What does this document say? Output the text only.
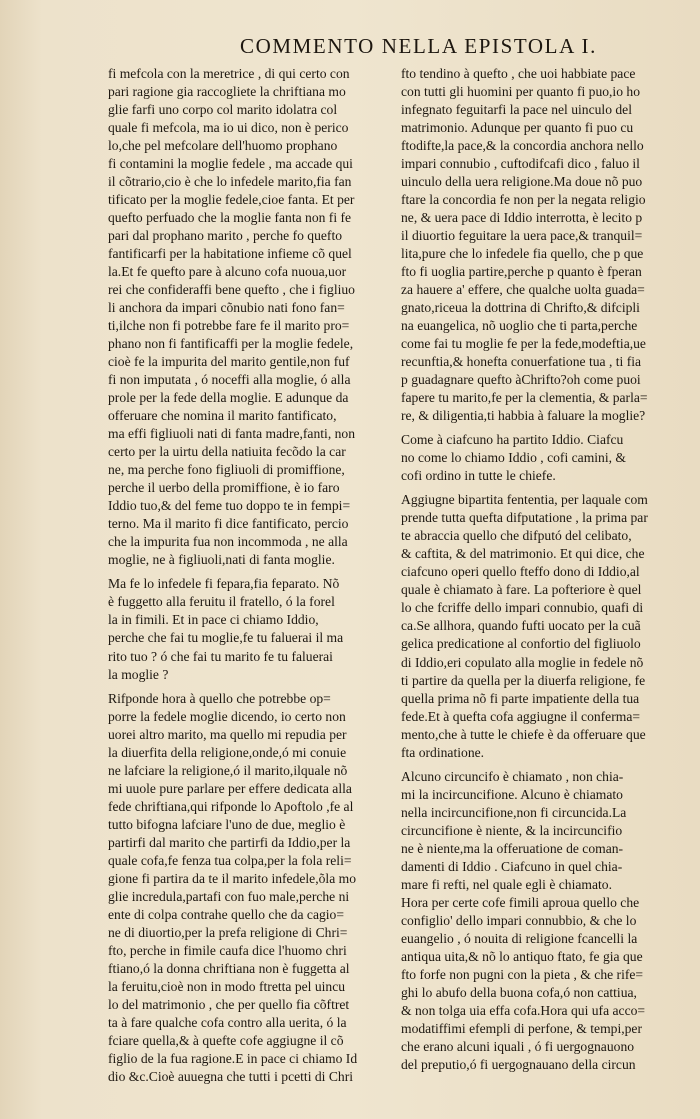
COMMENTO NELLA EPISTOLA I.
fi mefcola con la meretrice , di qui certo con
pari ragione gia raccogliete la chriftiana mo
glie farfi uno corpo col marito idolatra col
quale fi mefcola, ma io ui dico, non è perico
lo,che pel mefcolare dell'huomo prophano
fi contamini la moglie fedele , ma accade qui
il cõtrario,cio è che lo infedele marito,fia fan
tificato per la moglie fedele,cioe fanta. Et per
quefto perfuado che la moglie fanta non fi fe
pari dal prophano marito , perche fo quefto
fantificarfi per la habitatione infieme cõ quel
la.Et fe quefto pare à alcuno cofa nuoua,uor
rei che confideraffi bene quefto , che i figliuo
li anchora da impari cõnubio nati fono fan=
ti,ilche non fi potrebbe fare fe il marito pro=
phano non fi fantificaffi per la moglie fedele,
cioè fe la impurita del marito gentile,non fuf
fi non imputata , ó noceffi alla moglie, ó alla
prole per la fede della moglie. E adunque da
offeruare che nomina il marito fantificato,
ma effi figliuoli nati di fanta madre,fanti, non
certo per la uirtu della natiuita fecõdo la car
ne, ma perche fono figliuoli di promiffione,
perche il uerbo della promiffione, è io faro
Iddio tuo,& del feme tuo doppo te in fempi=
terno. Ma il marito fi dice fantificato, percio
che la impurita fua non incommoda , ne alla
moglie, ne à figliuoli,nati di fanta moglie.
Ma fe lo infedele fi fepara,fia feparato. Nõ
è fuggetto alla feruitu il fratello, ó la forel
la in fimili. Et in pace ci chiamo Iddio,
perche che fai tu moglie,fe tu faluerai il ma
rito tuo ? ó che fai tu marito fe tu faluerai
la moglie ?
Rifponde hora à quello che potrebbe op=
porre la fedele moglie dicendo, io certo non
uorei altro marito, ma quello mi repudia per
la diuerfita della religione,onde,ó mi conuie
ne lafciare la religione,ó il marito,ilquale nõ
mi uuole pure parlare per effere dedicata alla
fede chriftiana,qui rifponde lo Apoftolo ,fe al
tutto bifogna lafciare l'uno de due, meglio è
partirfi dal marito che partirfi da Iddio,per la
quale cofa,fe fenza tua colpa,per la fola reli=
gione fi partira da te il marito infedele,õla mo
glie incredula,partafi con fuo male,perche ni
ente di colpa contrahe quello che da cagio=
ne di diuortio,per la prefa religione di Chri=
fto, perche in fimile caufa dice l'huomo chri
ftiano,ó la donna chriftiana non è fuggetta al
la feruitu,cioè non in modo ftretta pel uincu
lo del matrimonio , che per quello fia cõftret
ta à fare qualche cofa contro alla uerita, ó la
fciare quella,& à quefte cofe aggiugne il cõ
figlio de la fua ragione.E in pace ci chiamo Id
dio &c.Cioè auuegna che tutti i pcetti di Chri
fto tendino à quefto , che uoi habbiate pace
con tutti gli huomini per quanto fi puo,io ho
infegnato feguitarfi la pace nel uinculo del
matrimonio. Adunque per quanto fi puo cu
ftodifte,la pace,& la concordia anchora nello
impari connubio , cuftodifcafi dico , faluo il
uinculo della uera religione.Ma doue nõ puo
ftare la concordia fe non per la negata religio
ne, & uera pace di Iddio interrotta, è lecito p
il diuortio feguitare la uera pace,& tranquil=
lita,pure che lo infedele fia quello, che p que
fto fi uoglia partire,perche p quanto è fperan
za hauere a' effere, che qualche uolta guada=
gnato,riceua la dottrina di Chrifto,& difcipli
na euangelica, nõ uoglio che ti parta,perche
come fai tu moglie fe per la fede,modeftia,ue
recunftia,& honefta conuerfatione tua , ti fia
p guadagnare quefto àChrifto?oh come puoi
fapere tu marito,fe per la clementia, & parla=
re, & diligentia,ti habbia à faluare la moglie?
Come à ciafcuno ha partito Iddio. Ciafcu
no come lo chiamo Iddio , cofi camini, &
cofi ordino in tutte le chiefe.
Aggiugne bipartita fententia, per laquale com
prende tutta quefta difputatione , la prima par
te abraccia quello che difputó del celibato,
& caftita, & del matrimonio. Et qui dice, che
ciafcuno operi quello fteffo dono di Iddio,al
quale è chiamato à fare. La pofteriore è quel
lo che fcriffe dello impari connubio, quafi di
ca.Se allhora, quando fufti uocato per la cuã
gelica predicatione al confortio del figliuolo
di Iddio,eri copulato alla moglie in fedele nõ
ti partire da quella per la diuerfa religione, fe
quella prima nõ fi parte impatiente della tua
fede.Et à quefta cofa aggiugne il conferma=
mento,che à tutte le chiefe è da offeruare que
fta ordinatione.
Alcuno circuncifo è chiamato , non chia-
mi la incircuncifione. Alcuno è chiamato
nella incircuncifione,non fi circuncida.La
circuncifione è niente, & la incircuncifio
ne è niente,ma la offeruatione de coman-
damenti di Iddio . Ciafcuno in quel chia-
mare fi refti, nel quale egli è chiamato.
Hora per certe cofe fimili aproua quello che
configlio' dello impari connubbio, & che lo
euangelio , ó nouita di religione fcancelli la
antiqua uita,& nõ lo antiquo ftato, fe gia que
fto forfe non pugni con la pieta , & che rife=
ghi lo abufo della buona cofa,ó non cattiua,
& non tolga uia effa cofa.Hora qui ufa acco=
modatiffimi efempli di perfone, & tempi,per
che erano alcuni iquali , ó fi uergognauono
del preputio,ó fi uergognauano della circun
